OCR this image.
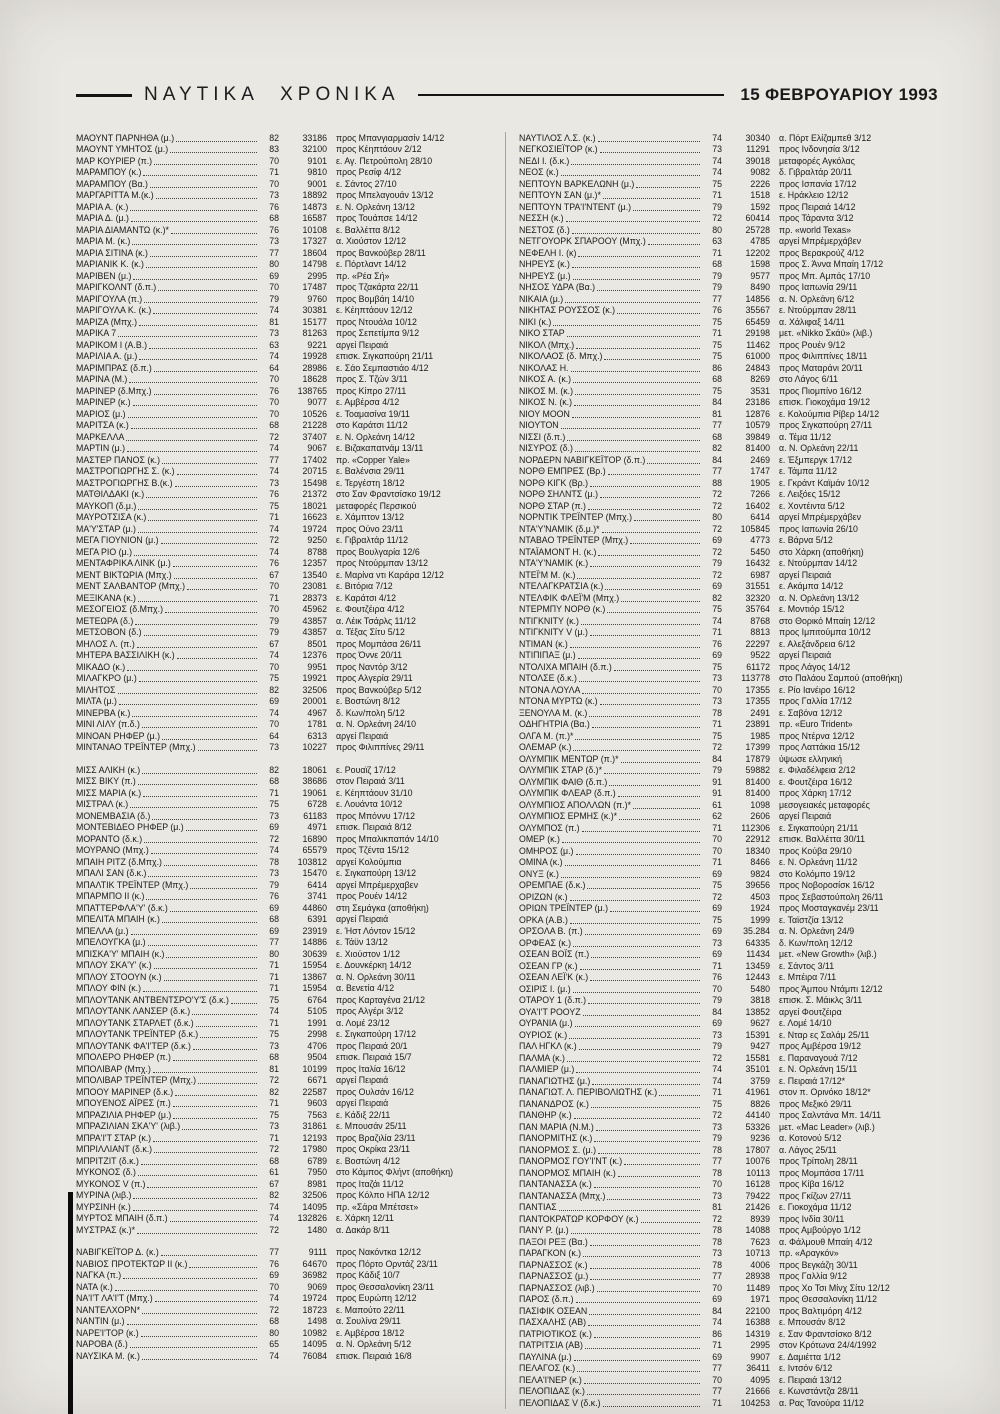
ΝΑΥΤΙΚΑ ΧΡΟΝΙΚΑ	15 ΦΕΒΡΟΥΑΡΙΟΥ 1993
ΜΑΟΥΝΤ ΠΑΡΝΗΘΑ (μ.)	82	33186	προς Μπανγιαρμασίν 14/12
ΜΑΟΥΝΤ ΥΜΗΤΟΣ (μ.)	83	32100	προς Κέηπτάουν 2/12
ΜΑΡ ΚΟΥΡΙΕΡ (π.)	70	9101	ε. Αγ. Πετρούπολη 28/10
ΜΑΡΑΜΠΟΥ (κ.)	71	9810	προς Ρεσίφ 4/12
ΜΑΡΑΜΠΟΥ (Βα.)	70	9001	ε. Σάντος 27/10
ΜΑΡΓΑΡΙΤΤΑ Μ.(κ.)	73	18892	προς Μπελαγουάν 13/12
ΜΑΡΙΑ Α. (κ.)	76	14873	ε. Ν. Ορλεάνη 13/12
ΜΑΡΙΑ Δ. (μ.)	68	16587	προς Τουάπσε 14/12
ΜΑΡΙΑ ΔΙΑΜΑΝΤΩ (κ.)*	76	10108	ε. Βαλλέττα 8/12
ΜΑΡΙΑ Μ. (κ.)	73	17327	α. Χιούστον 12/12
ΜΑΡΙΑ ΣΙΤΙΝΑ (κ.)	77	18604	προς Βανκούβερ 28/11
ΜΑΡΙΑΝΙΚ Κ. (κ.)	80	14798	ε. Πόρτλαντ 14/12
ΜΑΡΙΒΕΝ (μ.)	69	2995	πρ. «Ρέα Σή»
ΜΑΡΙΓΚΟΛΝΤ (δ.π.)	70	17487	προς Τζακάρτα 22/11
ΜΑΡΙΓΟΥΛΑ (π.)	79	9760	προς Βομβάη 14/10
ΜΑΡΙΓΟΥΛΑ Κ. (κ.)	74	30381	ε. Κέηπτάουν 12/12
ΜΑΡΙΖΑ (Μπχ.)	81	15177	προς Ντουάλα 10/12
ΜΑΡΙΚΑ 7	73	81263	προς Σεπετίμπα 9/12
ΜΑΡΙΚΟΜ Ι (Α.Β.)	63	9221	αργεί Πειραιά
ΜΑΡΙΛΙΑ Α. (μ.)	74	19928	επισκ. Σιγκαπούρη 21/11
ΜΑΡΙΜΠΡΑΣ (δ.π.)	64	28986	ε. Σάο Σεμπαστιάο 4/12
ΜΑΡΙΝΑ (Μ.)	70	18628	προς Σ. Τζών 3/11
ΜΑΡΙΝΕΡ (δ.Μπχ.)	76	138765	προς Κίπρο 27/11
ΜΑΡΙΝΕΡ (κ.)	70	9077	ε. Αμβέρσα 4/12
ΜΑΡΙΟΣ (μ.)	70	10526	ε. Τοαμασίνα 19/11
ΜΑΡΙΤΣΑ (κ.)	68	21228	στο Καράτσι 11/12
ΜΑΡΚΕΛΛΑ	72	37407	ε. Ν. Ορλεάνη 14/12
ΜΑΡΤΙΝ (μ.)	74	9067	ε. Βιζακαπατνάμ 13/11
ΜΑΣΤΕΡ ΠΑΝΟΣ (κ.)	77	17402	πρ. «Copper Yale»
ΜΑΣΤΡΟΓΙΩΡΓΗΣ Σ. (κ.)	74	20715	ε. Βαλένσια 29/11
ΜΑΣΤΡΟΓΙΩΡΓΗΣ Β.(κ.)	73	15498	ε. Τεργέστη 18/12
ΜΑΤΘΙΛΔΑΚΙ (κ.)	76	21372	στο Σαν Φραντσίσκο 19/12
ΜΑΥΚΟΠ (δ.μ.)	75	18021	μεταφορές Περσικού
ΜΑΥΡΟΤΣΙΣΑ (κ.)	71	16623	ε. Χάμπτον 13/12
ΜΑ'Υ'ΣΤΑΡ (μ.)	74	19724	προς Ούνο 23/11
ΜΕΓΑ ΓΙΟΥΝΙΟΝ (μ.)	72	9250	ε. Γιβραλτάρ 11/12
ΜΕΓΑ ΡΙΟ (μ.)	74	8788	προς Βουλγαρία 12/6
ΜΕΝΤΑΦΡΙΚΑ ΛΙΝΚ (μ.)	76	12357	προς Ντούρμπαν 13/12
ΜΕΝΤ ΒΙΚΤΩΡΙΑ (Μπχ.)	67	13540	ε. Μαρίνα ντι Καράρα 12/12
ΜΕΝΤ ΣΑΛΒΑΝΤΟΡ (Μπχ.)	70	23081	ε. Βιτόρια 7/12
ΜΕΞΙΚΑΝΑ (κ.)	71	28373	ε. Καράτσι 4/12
ΜΕΣΟΓΕΙΟΣ (δ.Μπχ.)	70	45962	ε. Φουτζέιρα 4/12
ΜΕΤΕΩΡΑ (δ.)	79	43857	α. Λέικ Τσάρλς 11/12
ΜΕΤΣΟΒΟΝ (δ.)	79	43857	α. Τέξας Σίτυ 5/12
ΜΗΛΟΣ Λ. (π.)	67	8501	προς Μομπάσα 26/11
ΜΗΤΕΡΑ ΒΑΣΣΙΛΙΚΗ (κ.)	74	12376	προς Όννε 20/11
ΜΙΚΑΔΟ (κ.)	70	9951	προς Ναντόρ 3/12
ΜΙΛΑΓΚΡΟ (μ.)	75	19921	προς Αλγερία 29/11
ΜΙΛΗΤΟΣ	82	32506	προς Βανκούβερ 5/12
ΜΙΛΤΑ (μ.)	69	20001	ε. Βοστώνη 8/12
ΜΙΝΕΡΒΑ (κ.)	74	4967	δ. Κων/πολη 5/12
ΜΙΝΙ ΛΙΛΥ (π.δ.)	70	1781	α. Ν. Ορλεάνη 24/10
ΜΙΝΟΑΝ ΡΗΦΕΡ (μ.)	64	6313	αργεί Πειραιά
ΜΙΝΤΑΝΑΟ ΤΡΕΪΝΤΕΡ (Μπχ.)	73	10227	προς Φιλιππίνες 29/11
ΜΙΣΣ ΑΛΙΚΗ (κ.)	82	18061	ε. Ρουαϊζ 17/12
ΜΙΣΣ ΒΙΚΥ (π.)	68	38686	στον Πειραιά 3/11
ΜΙΣΣ ΜΑΡΙΑ (κ.)	71	19061	ε. Κέηπτάουν 31/10
ΜΙΣΤΡΑΛ (κ.)	75	6728	ε. Λουάντα 10/12
ΜΟΝΕΜΒΑΣΙΑ (δ.)	73	61183	προς Μπόννυ 17/12
ΜΟΝΤΕΒΙΔΕΟ ΡΗΦΕΡ (μ.)	69	4971	επισκ. Πειραιά 8/12
ΜΟΡΑΝΤΟ (δ.κ.)	72	16890	προς Μπαλικπαπάν 14/10
ΜΟΥΡΑΝΟ (Μπχ.)	74	65579	προς Τζέντα 15/12
ΜΠΑΙΗ ΡΙΤΖ (δ.Μπχ.)	78	103812	αργεί Κολούμπια
ΜΠΑΛΙ ΣΑΝ (δ.κ.)	73	15470	ε. Σιγκαπούρη 13/12
ΜΠΑΛΤΙΚ ΤΡΕΪΝΤΕΡ (Μπχ.)	79	6414	αργεί Μπρέμερχαβεν
ΜΠΑΡΜΠΟ ΙΙ (κ.)	76	3741	προς Ρουέν 14/12
ΜΠΑΤΤΕΡΦΛΑ'Υ' (δ.κ.)	69	44860	στη Σεμάγκα (αποθήκη)
ΜΠΕΛΙΤΑ ΜΠΑΙΗ (κ.)	68	6391	αργεί Πειραιά
ΜΠΕΛΛΑ (μ.)	69	23919	ε. Ήστ Λόντον 15/12
ΜΠΕΛΟΥΓΚΑ (μ.)	77	14886	ε. Τάϋν 13/12
ΜΠΙΣΚΑ'Υ' ΜΠΑΙΗ (κ.)	80	30639	ε. Χιούστον 1/12
ΜΠΛΟΥ ΣΚΑ'Υ' (κ.)	71	15954	ε. Δουνκέρκη 14/12
ΜΠΛΟΥ ΣΤΟΟΥΝ (κ.)	71	13867	α. Ν. Ορλεάνη 30/11
ΜΠΛΟΥ ΦΙΝ (κ.)	71	15954	α. Βενετία 4/12
ΜΠΛΟΥΤΑΝΚ ΑΝΤΒΕΝΤΣΡΟ'Υ'Σ (δ.κ.)	75	6764	προς Καρταγένα 21/12
ΜΠΛΟΥΤΑΝΚ ΛΑΝΣΕΡ (δ.κ.)	74	5105	προς Αλγέρι 3/12
ΜΠΛΟΥΤΑΝΚ ΣΤΑΡΛΕΤ (δ.κ.)	71	1991	α. Λομέ 23/12
ΜΠΛΟΥΤΑΝΚ ΤΡΕΪΝΤΕΡ (δ.κ.)	75	2998	ε. Σιγκαπούρη 17/12
ΜΠΛΟΥΤΑΝΚ ΦΑ'Ι'ΤΕΡ (δ.κ.)	73	4706	προς Πειραιά 20/1
ΜΠΟΛΕΡΟ ΡΗΦΕΡ (π.)	68	9504	επισκ. Πειραιά 15/7
ΜΠΟΛΙΒΑΡ (Μπχ.)	81	10199	προς Ιταλία 16/12
ΜΠΟΛΙΒΑΡ ΤΡΕΪΝΤΕΡ (Μπχ.)	72	6671	αργεί Πειραιά
ΜΠΟΟΥ ΜΑΡΙΝΕΡ (δ.κ.)	82	22587	προς Ουλσάν 16/12
ΜΠΟΥΕΝΟΣ ΑΪΡΕΣ (π.)	71	9603	αργεί Πειραιά
ΜΠΡΑΖΙΛΙΑ ΡΗΦΕΡ (μ.)	75	7563	ε. Κάδιξ 22/11
ΜΠΡΑΖΙΛΙΑΝ ΣΚΑ'Υ' (λιβ.)	73	31861	ε. Μπουσάν 25/11
ΜΠΡΑ'Ι'Τ ΣΤΑΡ (κ.)	71	12193	προς Βραζιλία 23/11
ΜΠΡΙΛΛΙΑΝΤ (δ.κ.)	72	17980	προς Οκρίκα 23/11
ΜΠΡΙΤΖΙΤ (δ.κ.)	68	6789	ε. Βοστώνη 4/12
ΜΥΚΟΝΟΣ (δ.)	61	7950	στο Κάμπος Φλήντ (αποθήκη)
ΜΥΚΟΝΟΣ V (π.)	67	8981	προς Ιταζάι 11/12
ΜΥΡΙΝΑ (λιβ.)	82	32506	προς Κόλπο ΗΠΑ 12/12
ΜΥΡΣΙΝΗ (κ.)	74	14095	πρ. «Σάρα Μπέτσετ»
ΜΥΡΤΟΣ ΜΠΑΙΗ (δ.π.)	74	132826	ε. Χάρκη 12/11
ΜΥΣΤΡΑΣ (κ.)*	72	1480	α. Δακάρ 8/11
ΝΑΒΙΓΚΕΪΤΟΡ Δ. (κ.)	77	9111	προς Νακόντκα 12/12
ΝΑΒΙΟΣ ΠΡΟΤΕΚΤΩΡ ΙΙ (κ.)	76	64670	προς Πόρτο Ορντάζ 23/11
ΝΑΓΚΑ (π.)	69	36982	προς Κάδιξ 10/7
ΝΑΤΑ (κ.)	70	9069	προς Θεσσαλονίκη 23/11
ΝΑ'Ι'Τ ΛΑ'Ι'Τ (Μπχ.)	74	19724	προς Ευρώπη 12/12
ΝΑΝΤΕΛΧΟΡΝ*	72	18723	ε. Μαπούτο 22/11
ΝΑΝΤΙΝ (μ.)	68	1498	α. Σουλίνα 29/11
ΝΑΡΕ'Ι'ΤΟΡ (κ.)	80	10982	ε. Αμβέρσα 18/12
ΝΑΡΟΒΑ (δ.)	65	14095	α. Ν. Ορλεάνη 5/12
ΝΑΥΣΙΚΑ Μ. (κ.)	74	76084	επισκ. Πειραιά 16/8
ΝΑΥΤΙΛΟΣ Λ.Σ. (κ.)	74	30340	α. Πόρτ Ελίζαμπεθ 3/12
ΝΕΓΚΟΣΙΕΪΤΟΡ (κ.)	73	11291	προς Ινδονησία 3/12
ΝΕΔΙ Ι. (δ.κ.)	74	39018	μεταφορές Αγκόλας
ΝΕΟΣ (κ.)	74	9082	δ. Γιβραλτάρ 20/11
ΝΕΠΤΟΥΝ ΒΑΡΚΕΛΩΝΗ (μ.)	75	2226	προς Ισπανία 17/12
ΝΕΠΤΟΥΝ ΣΑΝ (μ.)*	71	1518	ε. Ηράκλειο 12/12
ΝΕΠΤΟΥΝ ΤΡΑ'Ι'ΝΤΕΝΤ (μ.)	79	1592	προς Πειραιά 14/12
ΝΕΣΣΗ (κ.)	72	60414	προς Τάραντα 3/12
ΝΕΣΤΟΣ (δ.)	80	25728	πρ. «world Texas»
ΝΕΤΓΟΥΟΡΚ ΣΠΑΡΟΟΥ (Μπχ.)	63	4785	αργεί Μπρέμερχάβεν
ΝΕΦΕΛΗ Ι. (κ)	71	12202	προς Βερακρούζ 4/12
ΝΗΡΕΥΣ (κ.)	68	1598	προς Σ. Άννα Μπαίη 17/12
ΝΗΡΕΥΣ (μ.)	79	9577	προς Μπ. Αμπάς 17/10
ΝΗΣΟΣ ΥΔΡΑ (Βα.)	79	8490	προς Ιαπωνία 29/11
ΝΙΚΑΙΑ (μ.)	77	14856	α. Ν. Ορλεάνη 6/12
ΝΙΚΗΤΑΣ ΡΟΥΣΣΟΣ (κ.)	76	35567	ε. Ντούρμπαν 28/11
ΝΙΚΙ (κ.)	75	65459	α. Χάλιφαξ 14/11
ΝΙΚΟ ΣΤΑΡ	71	29198	μετ. «Nikko Σκάϋ» (λιβ.)
ΝΙΚΟΛ (Μπχ.)	75	11462	προς Ρουέν 9/12
ΝΙΚΟΛΑΟΣ (δ. Μπχ.)	75	61000	προς Φιλιππίνες 18/11
ΝΙΚΟΛΑΣ Η.	86	24843	προς Ματαράνι 20/11
ΝΙΚΟΣ Α. (κ.)	68	8269	στο Λάγος 6/11
ΝΙΚΟΣ Μ. (κ.)	75	3531	προς Πιομπίνο 16/12
ΝΙΚΟΣ Ν. (κ.)	84	23186	επισκ. Γιοκοχάμα 19/12
ΝΙΟΥ ΜΟΟΝ	81	12876	ε. Κολούμπια Ρίβερ 14/12
ΝΙΟΥΤΟΝ	77	10579	προς Σιγκαπούρη 27/11
ΝΙΣΣΙ (δ.π.)	68	39849	α. Τέμα 11/12
ΝΙΣΥΡΟΣ (δ.)	82	81400	α. Ν. Ορλεάνη 22/11
ΝΟΡΔΕΡΝ ΝΑΒΙΓΚΕΪΤΟΡ (δ.π.)	84	2469	ε. Έξμπεργκ 17/12
ΝΟΡΘ ΕΜΠΡΕΣ (Βρ.)	77	1747	ε. Τάμπα 11/12
ΝΟΡΘ ΚΙΓΚ (Βρ.)	88	1905	ε. Γκράντ Καϊμάν 10/12
ΝΟΡΘ ΣΗΛΝΤΣ (μ.)	72	7266	ε. Λειξόες 15/12
ΝΟΡΘ ΣΤΑΡ (π.)	72	16402	ε. Χοντέιντα 5/12
ΝΟΡΝΤΙΚ ΤΡΕΪΝΤΕΡ (Μπχ.)	80	6414	αργεί Μπρέμερχάβεν
ΝΤΑ'Υ'ΝΑΜΙΚ (δ.μ.)*	72	105845	προς Ιαπωνία 26/10
ΝΤΑΒΑΟ ΤΡΕΪΝΤΕΡ (Μπχ.)	69	4773	ε. Βάρνα 5/12
ΝΤΑΪΑΜΟΝΤ Η. (κ.)	72	5450	στο Χάρκη (αποθήκη)
ΝΤΑ'Υ'ΝΑΜΙΚ (κ.)	79	16432	ε. Ντούρμπαν 14/12
ΝΤΕΪ'Μ Μ. (κ.)	72	6987	αργεί Πειραιά
ΝΤΕΛΑΓΚΡΑΤΣΙΑ (κ.)	69	31551	ε. Ακάμπα 14/12
ΝΤΕΛΦΙΚ ΦΛΕΪ'Μ (Μπχ.)	82	32320	α. Ν. Ορλεάνη 13/12
ΝΤΕΡΜΠΥ ΝΟΡΘ (κ.)	75	35764	ε. Μοντιόρ 15/12
ΝΤΙΓΚΝΙΤΥ (κ.)	74	8768	στο Θορικό Μπαίη 12/12
ΝΤΙΓΚΝΙΤΥ V (μ.)	71	8813	προς Ιμπιτούμπα 10/12
ΝΤΙΜΑΝ (κ.)	76	22297	ε. Αλεξάνδρεια 6/12
ΝΤΙΠΙΠΑΞ (μ.)	69	9522	αργεί Πειραιά
ΝΤΟΛΙΧΑ ΜΠΑΙΗ (δ.π.)	75	61172	προς Λάγος 14/12
ΝΤΟΛΣΕ (δ.κ.)	73	113778	στο Παλάου Σαμπού (αποθήκη)
ΝΤΟΝΑ ΛΟΥΛΑ	70	17355	ε. Ρίο Ιανέιρο 16/12
ΝΤΟΝΑ ΜΥΡΤΩ (κ.)	73	17355	προς Γαλλία 17/12
ΞΕΝΟΥΛΑ Μ. (κ.)	78	2491	ε. Σαβόνα 12/12
ΟΔΗΓΗΤΡΙΑ (Βα.)	71	23891	πρ. «Euro Trident»
ΟΛΓΑ Μ. (π.)*	75	1985	προς Ντέρνα 12/12
ΟΛΕΜΑΡ (κ.)	72	17399	προς Λαττάκια 15/12
ΟΛΥΜΠΙΚ ΜΕΝΤΩΡ (π.)*	84	17879	ύψωσε ελληνική
ΟΛΥΜΠΙΚ ΣΤΑΡ (δ.)*	79	59882	ε. Φιλαδέλφεια 2/12
ΟΛΥΜΠΙΚ ΦΑΙΘ (δ.π.)	91	81400	ε. Φουτζέιρα 16/12
ΟΛΥΜΠΙΚ ΦΛΕΑΡ (δ.π.)	91	81400	προς Χάρκη 17/12
ΟΛΥΜΠΙΟΣ ΑΠΟΛΛΩΝ (π.)*	61	1098	μεσογειακές μεταφορές
ΟΛΥΜΠΙΟΣ ΕΡΜΗΣ (κ.)*	62	2606	αργεί Πειραιά
ΟΛΥΜΠΟΣ (π.)	71	112306	ε. Σιγκαπούρη 21/11
ΟΜΕΡ (κ.)	70	22912	επισκ. Βαλλέττα 30/11
ΟΜΗΡΟΣ (μ.)	70	18340	προς Κούβα 29/10
ΟΜΙΝΑ (κ.)	71	8466	ε. Ν. Ορλεάνη 11/12
ΟΝΥΞ (κ.)	69	9824	στο Κολόμπο 19/12
ΟΡΕΜΠΑΕ (δ.κ.)	75	39656	προς Νοβοροσίσκ 16/12
ΟΡΙΖΩΝ (κ.)	72	4503	προς Σεβαστούπολη 26/11
ΟΡΙΩΝ ΤΡΕΪΝΤΕΡ (μ.)	69	1924	προς Μοσταγκανέμ 23/11
ΟΡΚΑ (Α.Β.)	75	1999	ε. Ταϊστζία 13/12
ΟΡΣΟΛΑ Β. (π.)	69	35.284	α. Ν. Ορλεάνη 24/9
ΟΡΦΕΑΣ (κ.)	73	64335	δ. Κων/πολη 12/12
ΟΣΕΑΝ ΒΟΪΣ (π.)	69	11434	μετ. «New Growth» (λιβ.)
ΟΣΕΑΝ ΓΡ (κ.)	71	13459	ε. Σάντος 3/11
ΟΣΕΑΝ ΛΕΪ'Κ (κ.)	76	12443	ε. Μπέιρα 7/11
ΟΣΙΡΙΣ Ι. (μ.)	70	5480	προς Άμπου Ντάμπι 12/12
ΟΤΑΡΟΥ 1 (δ.π.)	79	3818	επισκ. Σ. Μάικλς 3/11
ΟΥΑ'Ι'Τ ΡΟΟΥΖ	84	13852	αργεί Φουτζέιρα
ΟΥΡΑΝΙΑ (μ.)	69	9627	ε. Λομέ 14/10
ΟΥΡΙΟΣ (κ.)	73	15391	ε. Νταρ ες Σαλάμ 25/11
ΠΑΛ ΗΓΚΛ (κ.)	79	9427	προς Αμβέρσα 19/12
ΠΑΛΜΑ (κ.)	72	15581	ε. Παραναγουά 7/12
ΠΑΛΜΙΕΡ (μ.)	74	35101	ε. Ν. Ορλεάνη 15/11
ΠΑΝΑΓΙΩΤΗΣ (μ.)	74	3759	ε. Πειραιά 17/12*
ΠΑΝΑΓΙΩΤ. Λ. ΠΕΡΙΒΟΛΙΩΤΗΣ (κ.)	71	41961	στον π. Ορινόκο 18/12*
ΠΑΝΑΝΔΡΟΣ (κ.)	75	8826	προς Μεξικό 29/11
ΠΑΝΘΗΡ (κ.)	72	44140	προς Σαλντάνα Μπ. 14/11
ΠΑΝ ΜΑΡΙΑ (Ν.Μ.)	73	53326	μετ. «Mac Leader» (λιβ.)
ΠΑΝΟΡΜΙΤΗΣ (κ.)	79	9236	α. Κοτονού 5/12
ΠΑΝΟΡΜΟΣ Σ. (μ.)	78	17807	α. Λάγος 25/11
ΠΑΝΟΡΜΟΣ ΓΟΥ'Ι'ΝΤ (κ.)	77	10076	προς Τρίπολη 28/11
ΠΑΝΟΡΜΟΣ ΜΠΑΙΗ (κ.)	78	10113	προς Μομπάσα 17/11
ΠΑΝΤΑΝΑΣΣΑ (κ.)	70	16128	προς Κίβα 16/12
ΠΑΝΤΑΝΑΣΣΑ (Μπχ.)	73	79422	προς Γκίζων 27/11
ΠΑΝΤΙΑΣ	81	21426	ε. Γιοκοχάμα 11/12
ΠΑΝΤΟΚΡΑΤΩΡ ΚΟΡΦΟΥ (κ.)	72	8939	προς Ινδία 30/11
ΠΑΝΥ Ρ. (μ.)	78	14088	προς Αμβούργο 1/12
ΠΑΞΟΙ ΡΕΞ (Βα.)	78	7623	α. Φάλμουθ Μπαίη 4/12
ΠΑΡΑΓΚΟΝ (κ.)	73	10713	πρ. «Αραγκόν»
ΠΑΡΝΑΣΣΟΣ (κ.)	78	4006	προς Βεγκάζη 30/11
ΠΑΡΝΑΣΣΟΣ (μ.)	77	28938	προς Γαλλία 9/12
ΠΑΡΝΑΣΣΟΣ (λιβ.)	70	11489	προς Χο Τσι Μίνχ Σίτυ 12/12
ΠΑΡΟΣ (δ.π.)	69	1971	προς Θεσσαλονίκη 11/12
ΠΑΣΙΦΙΚ ΟΣΕΑΝ	84	22100	προς Βαλτιμόρη 4/12
ΠΑΣΧΑΛΗΣ (ΑΒ)	74	16388	ε. Μπουσάν 8/12
ΠΑΤΡΙΟΤΙΚΟΣ (κ.)	86	14319	ε. Σαν Φραντσίσκο 8/12
ΠΑΤΡΙΤΣΙΑ (ΑΒ)	71	2995	στον Κρότωνα 24/4/1992
ΠΑΥΛΙΝΑ (μ.)	69	9907	ε. Δαμιέττα 1/12
ΠΕΛΑΓΟΣ (κ.)	77	36411	ε. Ιντσόν 6/12
ΠΕΛΑ'Ι'ΝΕΡ (κ.)	70	4095	ε. Πειραιά 13/12
ΠΕΛΟΠΙΔΑΣ (κ.)	77	21666	ε. Κωνστάντζα 28/11
ΠΕΛΟΠΙΔΑΣ V (δ.κ.)	71	104253	α. Ρας Τανούρα 11/12
